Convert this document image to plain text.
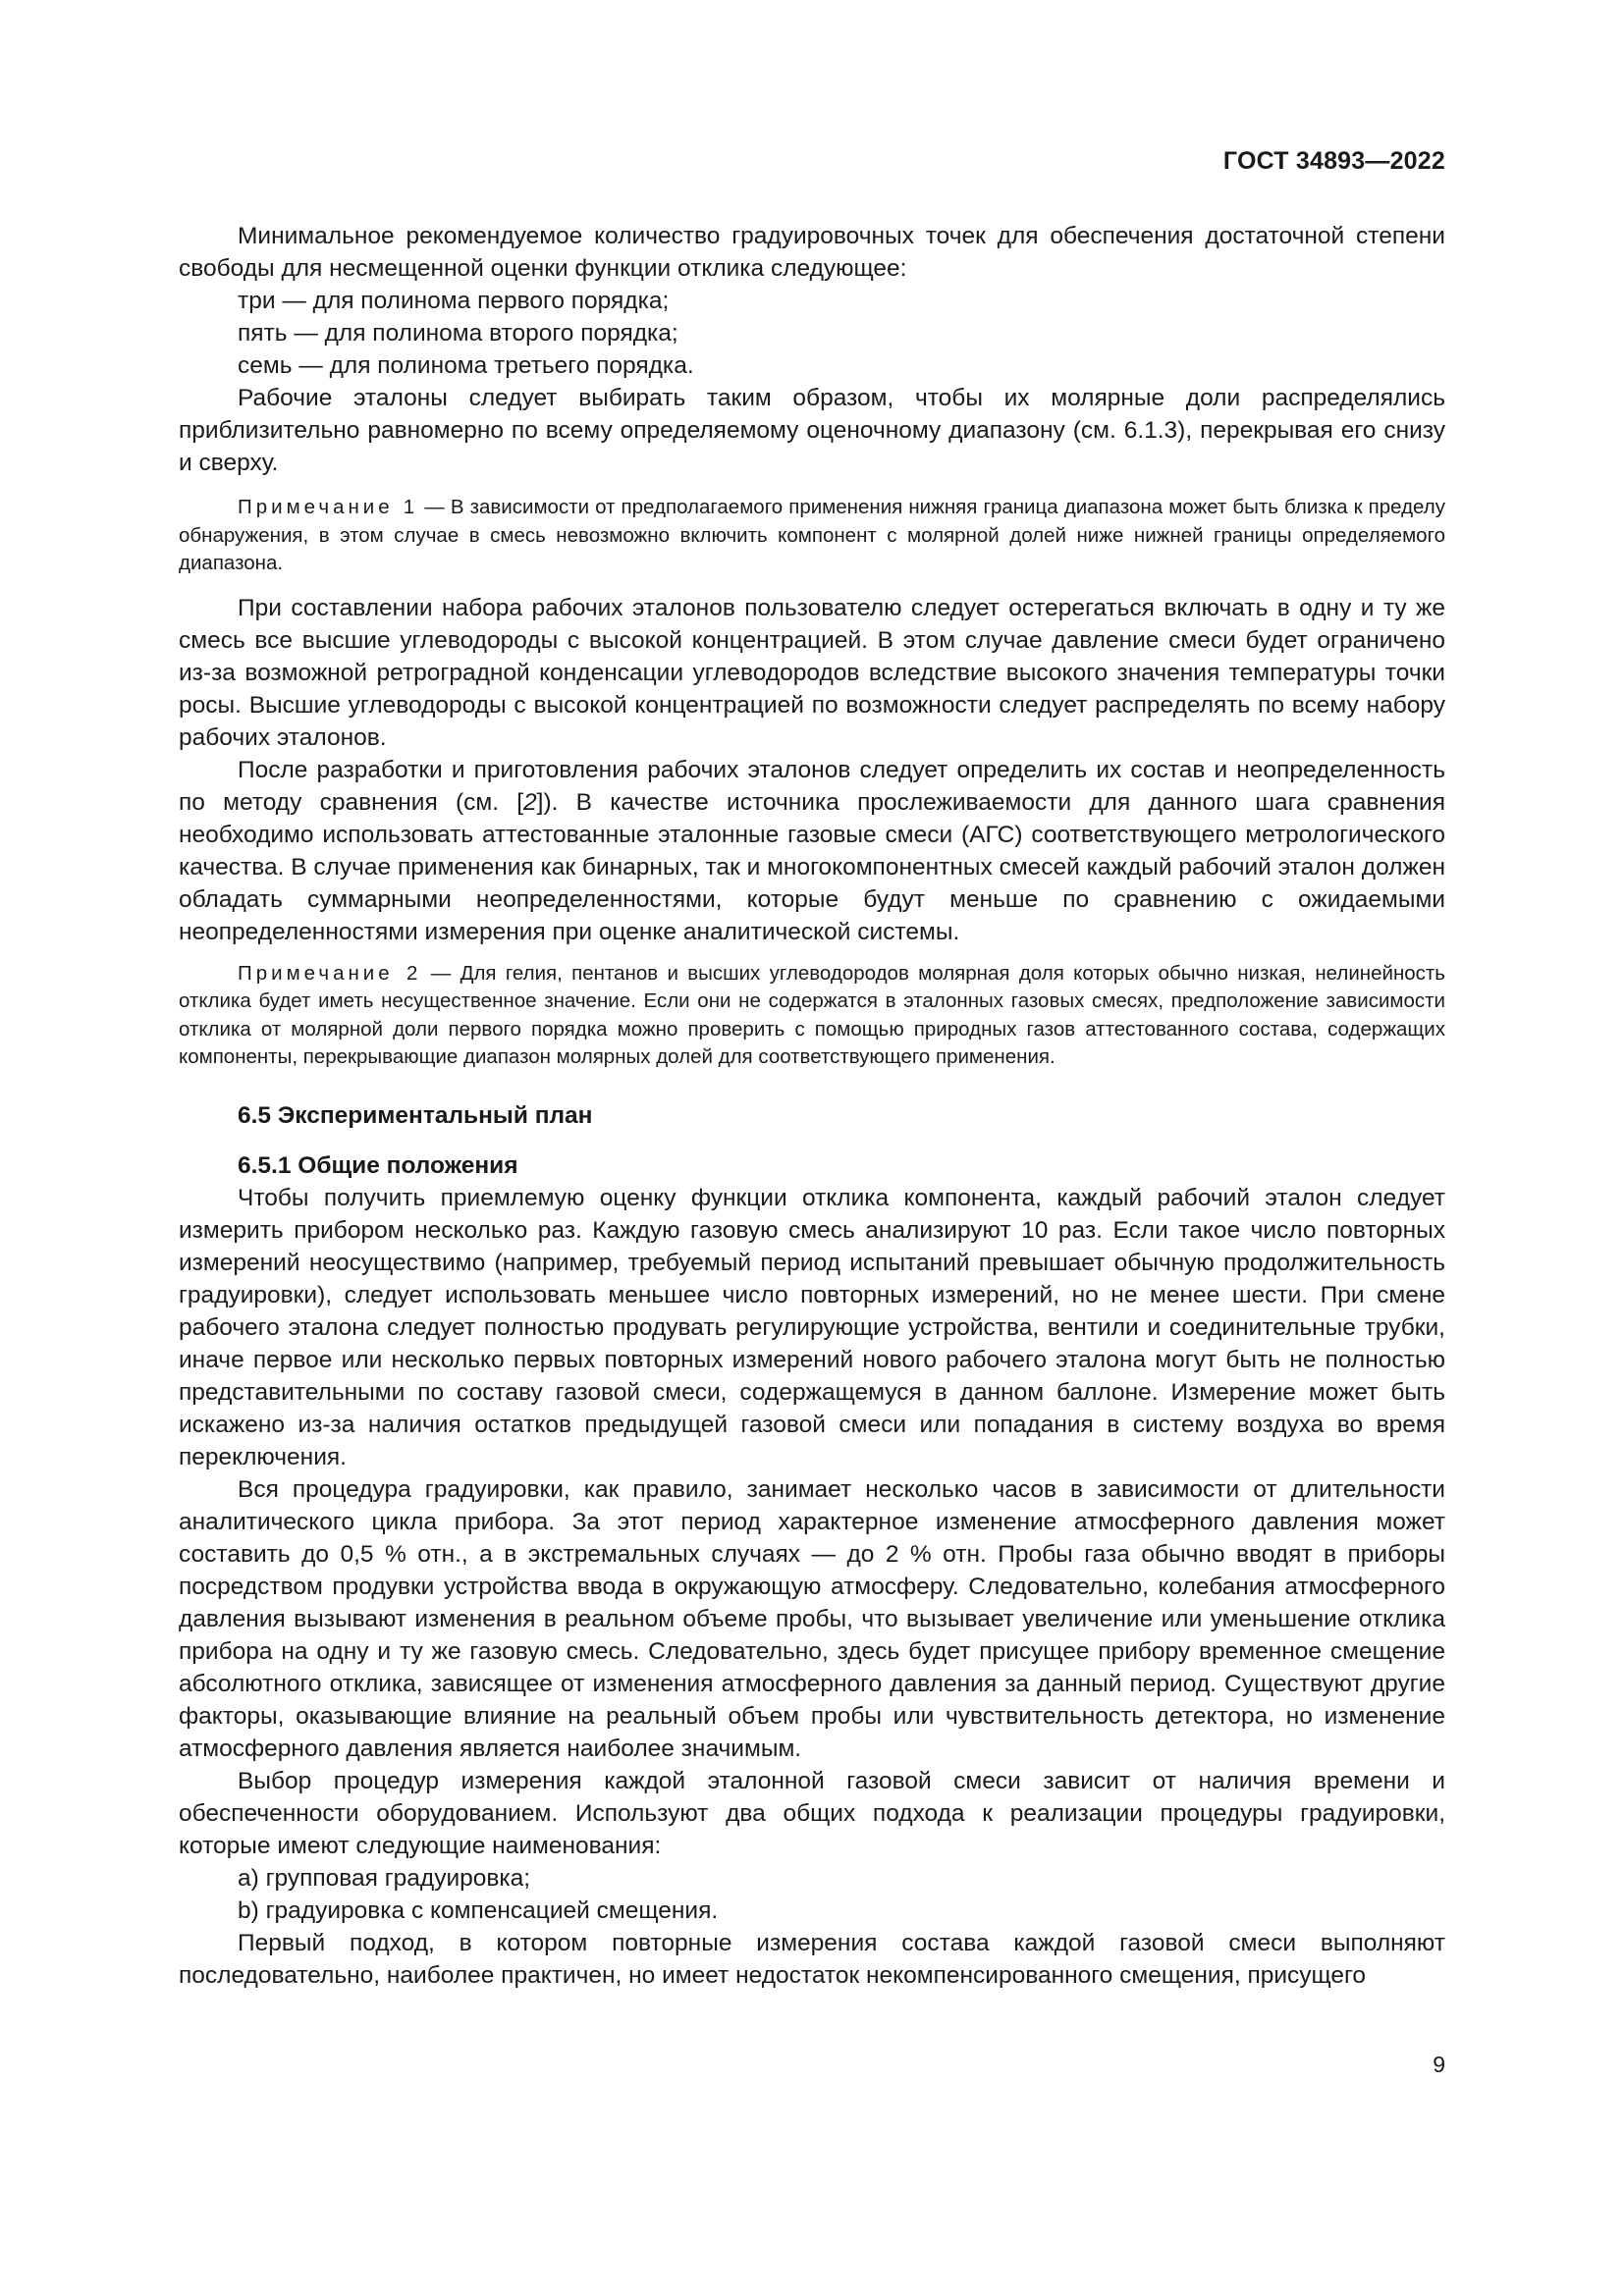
ГОСТ 34893—2022

Минимальное рекомендуемое количество градуировочных точек для обеспечения достаточной степени свободы для несмещенной оценки функции отклика следующее:

три — для полинома первого порядка;

пять — для полинома второго порядка;

семь — для полинома третьего порядка.

Рабочие эталоны следует выбирать таким образом, чтобы их молярные доли распределялись приблизительно равномерно по всему определяемому оценочному диапазону (см. 6.1.3), перекрывая его снизу и сверху.

Примечание 1 — В зависимости от предполагаемого применения нижняя граница диапазона может быть близка к пределу обнаружения, в этом случае в смесь невозможно включить компонент с молярной долей ниже нижней границы определяемого диапазона.

При составлении набора рабочих эталонов пользователю следует остерегаться включать в одну и ту же смесь все высшие углеводороды с высокой концентрацией. В этом случае давление смеси будет ограничено из-за возможной ретроградной конденсации углеводородов вследствие высокого значения температуры точки росы. Высшие углеводороды с высокой концентрацией по возможности следует распределять по всему набору рабочих эталонов.

После разработки и приготовления рабочих эталонов следует определить их состав и неопределенность по методу сравнения (см. [2]). В качестве источника прослеживаемости для данного шага сравнения необходимо использовать аттестованные эталонные газовые смеси (АГС) соответствующего метрологического качества. В случае применения как бинарных, так и многокомпонентных смесей каждый рабочий эталон должен обладать суммарными неопределенностями, которые будут меньше по сравнению с ожидаемыми неопределенностями измерения при оценке аналитической системы.

Примечание 2 — Для гелия, пентанов и высших углеводородов молярная доля которых обычно низкая, нелинейность отклика будет иметь несущественное значение. Если они не содержатся в эталонных газовых смесях, предположение зависимости отклика от молярной доли первого порядка можно проверить с помощью природных газов аттестованного состава, содержащих компоненты, перекрывающие диапазон молярных долей для соответствующего применения.

6.5 Экспериментальный план
6.5.1 Общие положения

Чтобы получить приемлемую оценку функции отклика компонента, каждый рабочий эталон следует измерить прибором несколько раз. Каждую газовую смесь анализируют 10 раз. Если такое число повторных измерений неосуществимо (например, требуемый период испытаний превышает обычную продолжительность градуировки), следует использовать меньшее число повторных измерений, но не менее шести. При смене рабочего эталона следует полностью продувать регулирующие устройства, вентили и соединительные трубки, иначе первое или несколько первых повторных измерений нового рабочего эталона могут быть не полностью представительными по составу газовой смеси, содержащемуся в данном баллоне. Измерение может быть искажено из-за наличия остатков предыдущей газовой смеси или попадания в систему воздуха во время переключения.

Вся процедура градуировки, как правило, занимает несколько часов в зависимости от длительности аналитического цикла прибора. За этот период характерное изменение атмосферного давления может составить до 0,5 % отн., а в экстремальных случаях — до 2 % отн. Пробы газа обычно вводят в приборы посредством продувки устройства ввода в окружающую атмосферу. Следовательно, колебания атмосферного давления вызывают изменения в реальном объеме пробы, что вызывает увеличение или уменьшение отклика прибора на одну и ту же газовую смесь. Следовательно, здесь будет присущее прибору временное смещение абсолютного отклика, зависящее от изменения атмосферного давления за данный период. Существуют другие факторы, оказывающие влияние на реальный объем пробы или чувствительность детектора, но изменение атмосферного давления является наиболее значимым.

Выбор процедур измерения каждой эталонной газовой смеси зависит от наличия времени и обеспеченности оборудованием. Используют два общих подхода к реализации процедуры градуировки, которые имеют следующие наименования:

a) групповая градуировка;

b) градуировка с компенсацией смещения.

Первый подход, в котором повторные измерения состава каждой газовой смеси выполняют последовательно, наиболее практичен, но имеет недостаток некомпенсированного смещения, присущего

9
